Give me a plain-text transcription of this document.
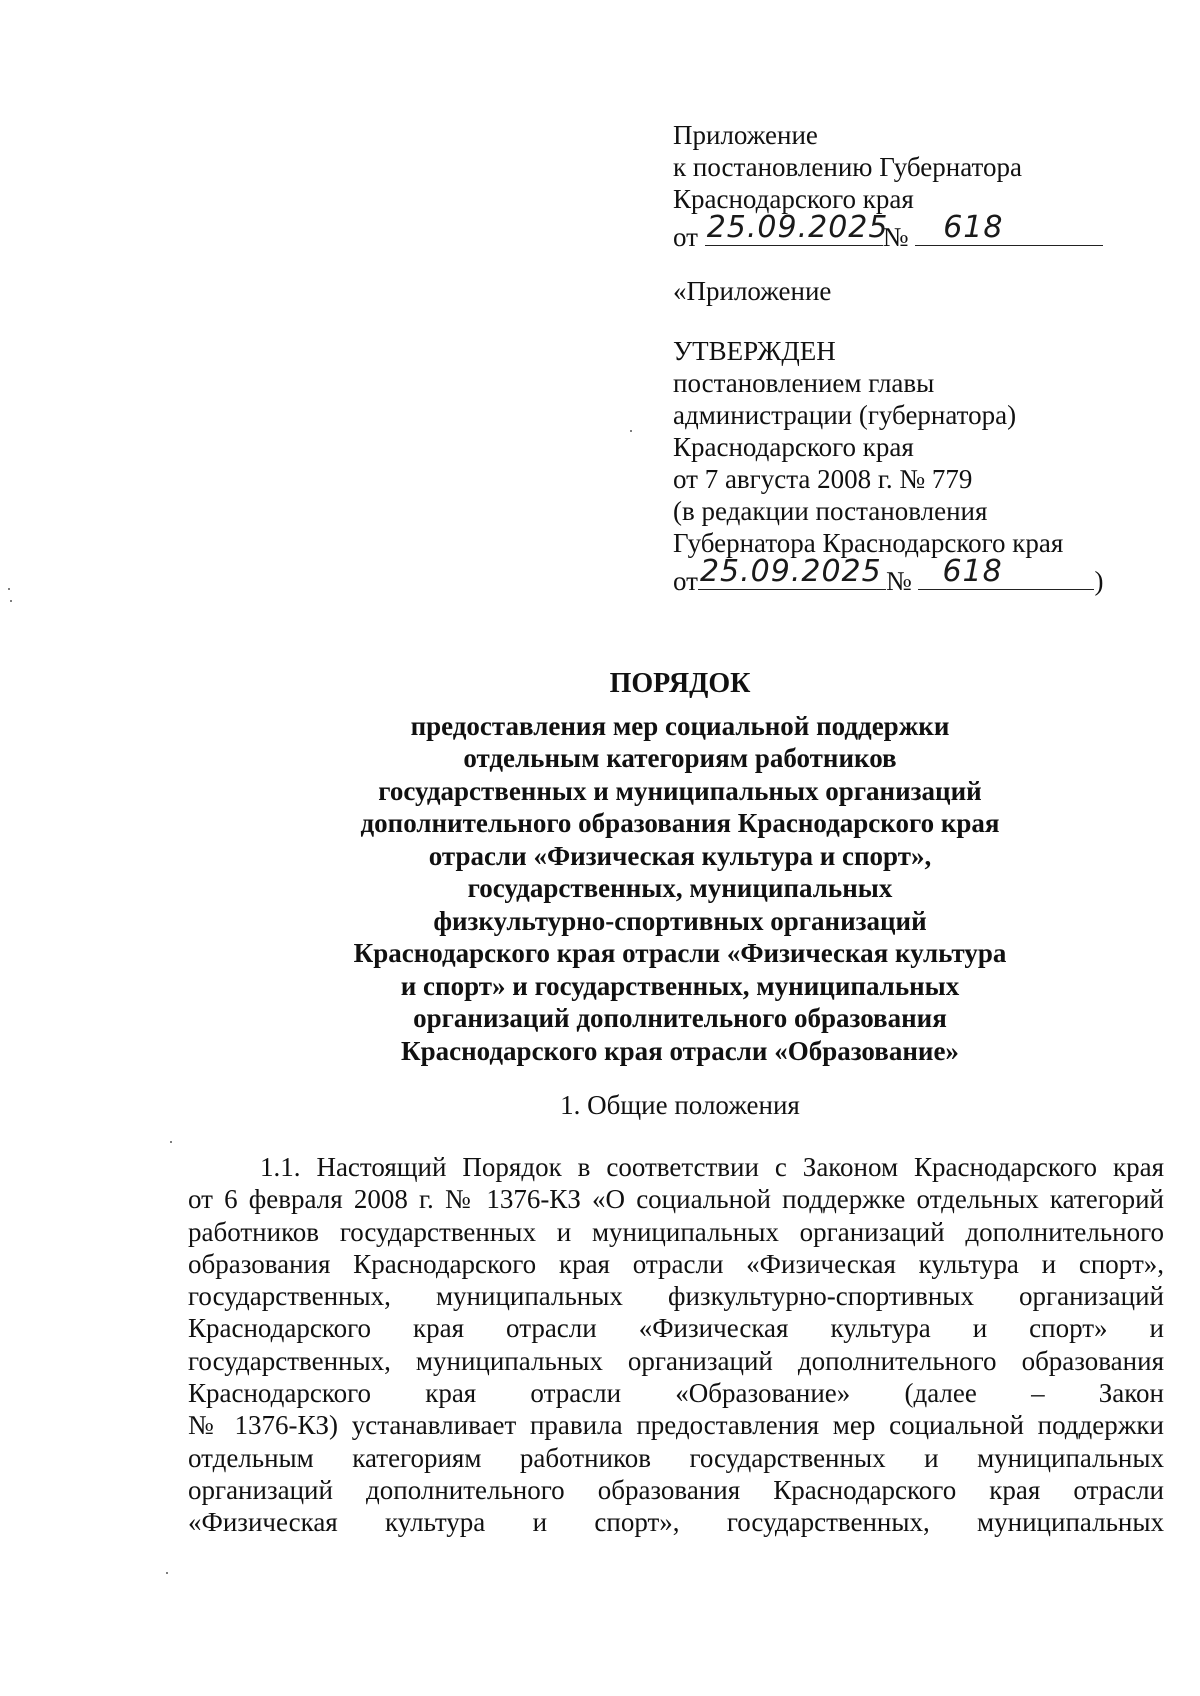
Приложение
к постановлению Губернатора
Краснодарского края
от 25.09.2025
№ 618
«Приложение
УТВЕРЖДЕН
постановлением главы
администрации (губернатора)
Краснодарского края
от 7 августа 2008 г. № 779
(в редакции постановления
Губернатора Краснодарского края
от 25.09.2025 № 618	)
ПОРЯДОК
предоставления мер социальной поддержки
отдельным категориям работников
государственных и муниципальных организаций
дополнительного образования Краснодарского края
отрасли «Физическая культура и спорт»,
государственных, муниципальных
физкультурно-спортивных организаций
Краснодарского края отрасли «Физическая культура
и спорт» и государственных, муниципальных
организаций дополнительного образования
Краснодарского края отрасли «Образование»
1. Общие положения
1.1. Настоящий Порядок в соответствии с Законом Краснодарского края
от 6 февраля 2008 г. № 1376-КЗ «О социальной поддержке отдельных категорий
работников государственных и муниципальных организаций дополнительного
образования Краснодарского края отрасли «Физическая культура и спорт»,
государственных, муниципальных физкультурно-спортивных организаций
Краснодарского края отрасли «Физическая культура и спорт» и
государственных, муниципальных организаций дополнительного образования
Краснодарского края отрасли «Образование» (далее – Закон
№ 1376-КЗ) устанавливает правила предоставления мер социальной поддержки
отдельным категориям работников государственных и муниципальных
организаций дополнительного образования Краснодарского края отрасли
«Физическая культура и спорт», государственных, муниципальных
